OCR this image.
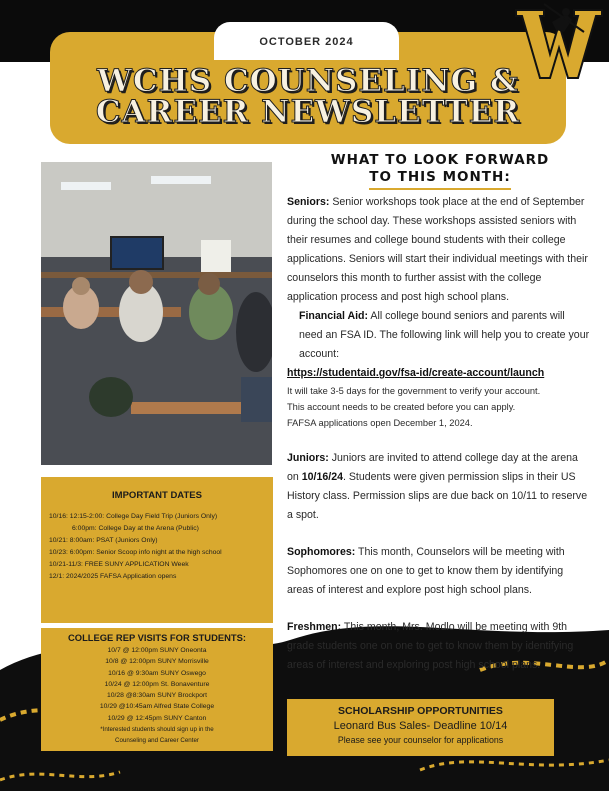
OCTOBER 2024
WCHS COUNSELING &
CAREER NEWSLETTER
WHAT TO LOOK FORWARD
TO THIS MONTH:

Seniors: Senior workshops took place at the end of September during the school day. These workshops assisted seniors with their resumes and college bound students with their college applications. Seniors will start their individual meetings with their counselors this month to further assist with the college application process and post high school plans.

Financial Aid: All college bound seniors and parents will need an FSA ID. The following link will help you to create your account:

https://studentaid.gov/fsa-id/create-account/launch

It will take 3-5 days for the government to verify your account.

This account needs to be created before you can apply.

FAFSA applications open December 1, 2024.

Juniors: Juniors are invited to attend college day at the arena on 10/16/24. Students were given permission slips in their US History class. Permission slips are due back on 10/11 to reserve a spot.

Sophomores: This month, Counselors will be meeting with Sophomores one on one to get to know them by identifying areas of interest and explore post high school plans.

Freshmen: This month, Mrs. Modlo will be meeting with 9th grade students one on one to get to know them by identifying areas of interest and exploring post high school plans.

IMPORTANT DATES
10/16: 12:15-2:00: College Day Field Trip (Juniors Only)
6:00pm: College Day at the Arena (Public)
10/21: 8:00am: PSAT (Juniors Only)
10/23: 6:00pm: Senior Scoop info night at the high school
10/21-11/3: FREE SUNY APPLICATION Week
12/1: 2024/2025 FAFSA Application opens
COLLEGE REP VISITS FOR STUDENTS:
10/7 @ 12:00pm SUNY Oneonta
10/8 @ 12:00pm SUNY Morrisville
10/16 @ 9:30am SUNY Oswego
10/24 @ 12:00pm St. Bonaventure
10/28 @8:30am SUNY Brockport
10/29 @10:45am Alfred State College
10/29 @ 12:45pm SUNY Canton
*Interested students should sign up in the
Counseling and Career Center
SCHOLARSHIP OPPORTUNITIES
Leonard Bus Sales- Deadline 10/14
Please see your counselor for applications
